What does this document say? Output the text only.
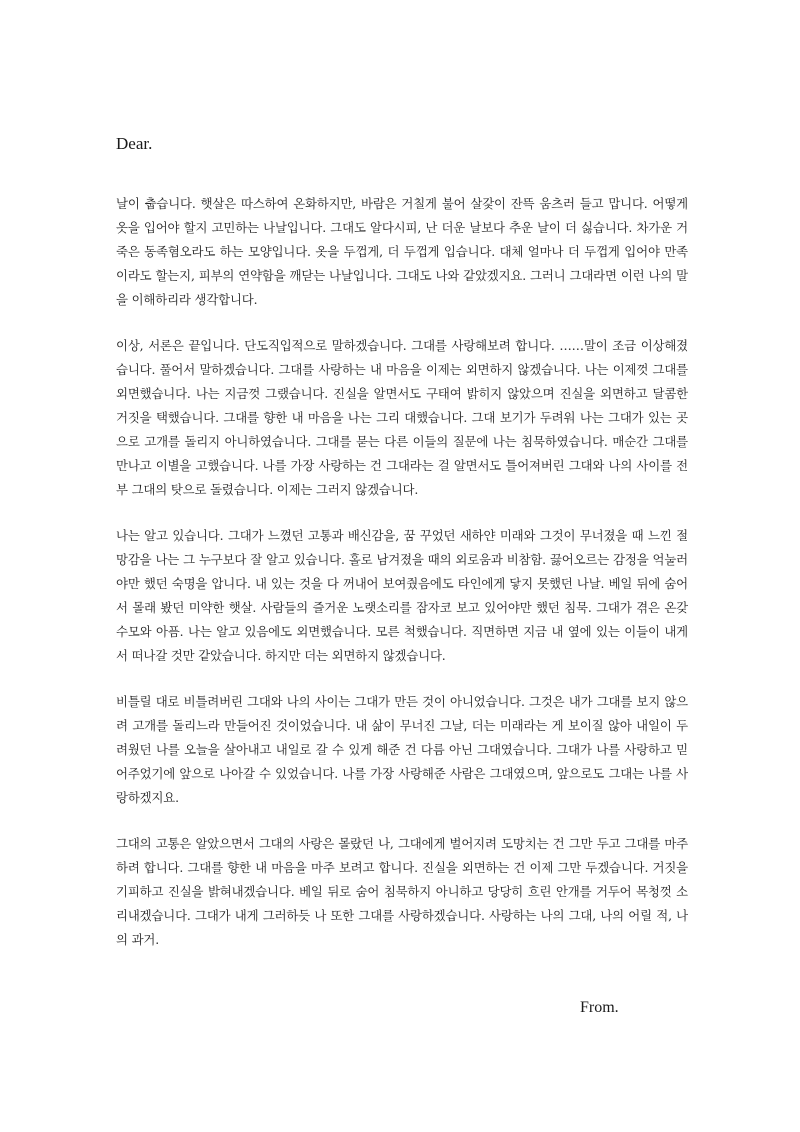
Dear.

날이 춥습니다. 햇살은 따스하여 온화하지만, 바람은 거칠게 불어 살갗이 잔뜩 움츠러 들고 맙니다. 어떻게 옷을 입어야 할지 고민하는 나날입니다. 그대도 알다시피, 난 더운 날보다 추운 날이 더 싫습니다. 차가운 거죽은 동족혐오라도 하는 모양입니다. 옷을 두껍게, 더 두껍게 입습니다. 대체 얼마나 더 두껍게 입어야 만족이라도 할는지, 피부의 연약함을 깨닫는 나날입니다. 그대도 나와 같았겠지요. 그러니 그대라면 이런 나의 말을 이해하리라 생각합니다.

이상, 서론은 끝입니다. 단도직입적으로 말하겠습니다. 그대를 사랑해보려 합니다. ……말이 조금 이상해졌습니다. 풀어서 말하겠습니다. 그대를 사랑하는 내 마음을 이제는 외면하지 않겠습니다. 나는 이제껏 그대를 외면했습니다. 나는 지금껏 그랬습니다. 진실을 알면서도 구태여 밝히지 않았으며 진실을 외면하고 달콤한 거짓을 택했습니다. 그대를 향한 내 마음을 나는 그리 대했습니다. 그대 보기가 두려워 나는 그대가 있는 곳으로 고개를 돌리지 아니하였습니다. 그대를 묻는 다른 이들의 질문에 나는 침묵하였습니다. 매순간 그대를 만나고 이별을 고했습니다. 나를 가장 사랑하는 건 그대라는 걸 알면서도 틀어져버린 그대와 나의 사이를 전부 그대의 탓으로 돌렸습니다. 이제는 그러지 않겠습니다.

나는 알고 있습니다. 그대가 느꼈던 고통과 배신감을, 꿈 꾸었던 새하얀 미래와 그것이 무너졌을 때 느낀 절망감을 나는 그 누구보다 잘 알고 있습니다. 홀로 남겨졌을 때의 외로움과 비참함. 끓어오르는 감정을 억눌러야만 했던 숙명을 압니다. 내 있는 것을 다 꺼내어 보여줬음에도 타인에게 닿지 못했던 나날. 베일 뒤에 숨어서 몰래 봤던 미약한 햇살. 사람들의 즐거운 노랫소리를 잠자코 보고 있어야만 했던 침묵. 그대가 겪은 온갖 수모와 아픔. 나는 알고 있음에도 외면했습니다. 모른 척했습니다. 직면하면 지금 내 옆에 있는 이들이 내게서 떠나갈 것만 같았습니다. 하지만 더는 외면하지 않겠습니다.

비틀릴 대로 비틀려버린 그대와 나의 사이는 그대가 만든 것이 아니었습니다. 그것은 내가 그대를 보지 않으려 고개를 돌리느라 만들어진 것이었습니다. 내 삶이 무너진 그날, 더는 미래라는 게 보이질 않아 내일이 두려웠던 나를 오늘을 살아내고 내일로 갈 수 있게 해준 건 다름 아닌 그대였습니다. 그대가 나를 사랑하고 믿어주었기에 앞으로 나아갈 수 있었습니다. 나를 가장 사랑해준 사람은 그대였으며, 앞으로도 그대는 나를 사랑하겠지요.

그대의 고통은 알았으면서 그대의 사랑은 몰랐던 나, 그대에게 벌어지려 도망치는 건 그만 두고 그대를 마주하려 합니다. 그대를 향한 내 마음을 마주 보려고 합니다. 진실을 외면하는 건 이제 그만 두겠습니다. 거짓을 기피하고 진실을 밝혀내겠습니다. 베일 뒤로 숨어 침묵하지 아니하고 당당히 흐린 안개를 거두어 목청껏 소리내겠습니다. 그대가 내게 그러하듯 나 또한 그대를 사랑하겠습니다. 사랑하는 나의 그대, 나의 어릴 적, 나의 과거.

From.
